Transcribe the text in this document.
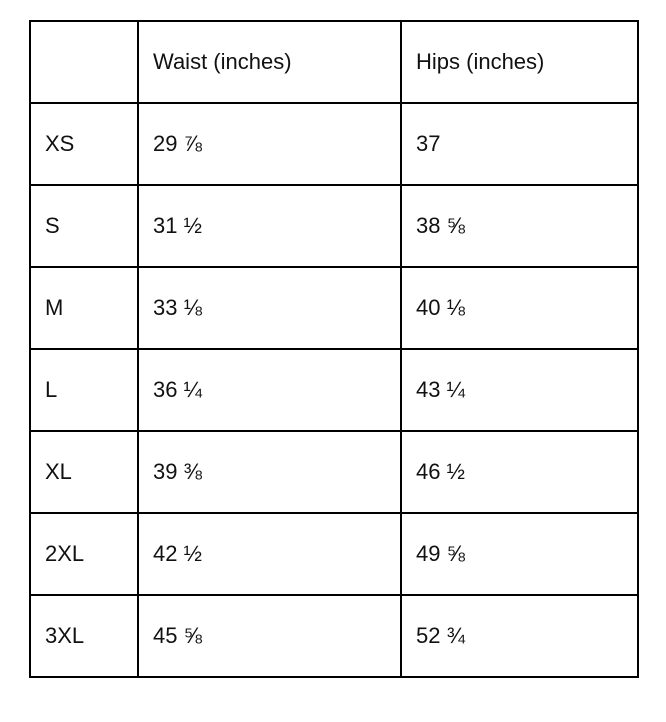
	Waist (inches)	Hips (inches)
XS	29 ⅞	37
S	31 ½	38 ⅝
M	33 ⅛	40 ⅛
L	36 ¼	43 ¼
XL	39 ⅜	46 ½
2XL	42 ½	49 ⅝
3XL	45 ⅝	52 ¾
